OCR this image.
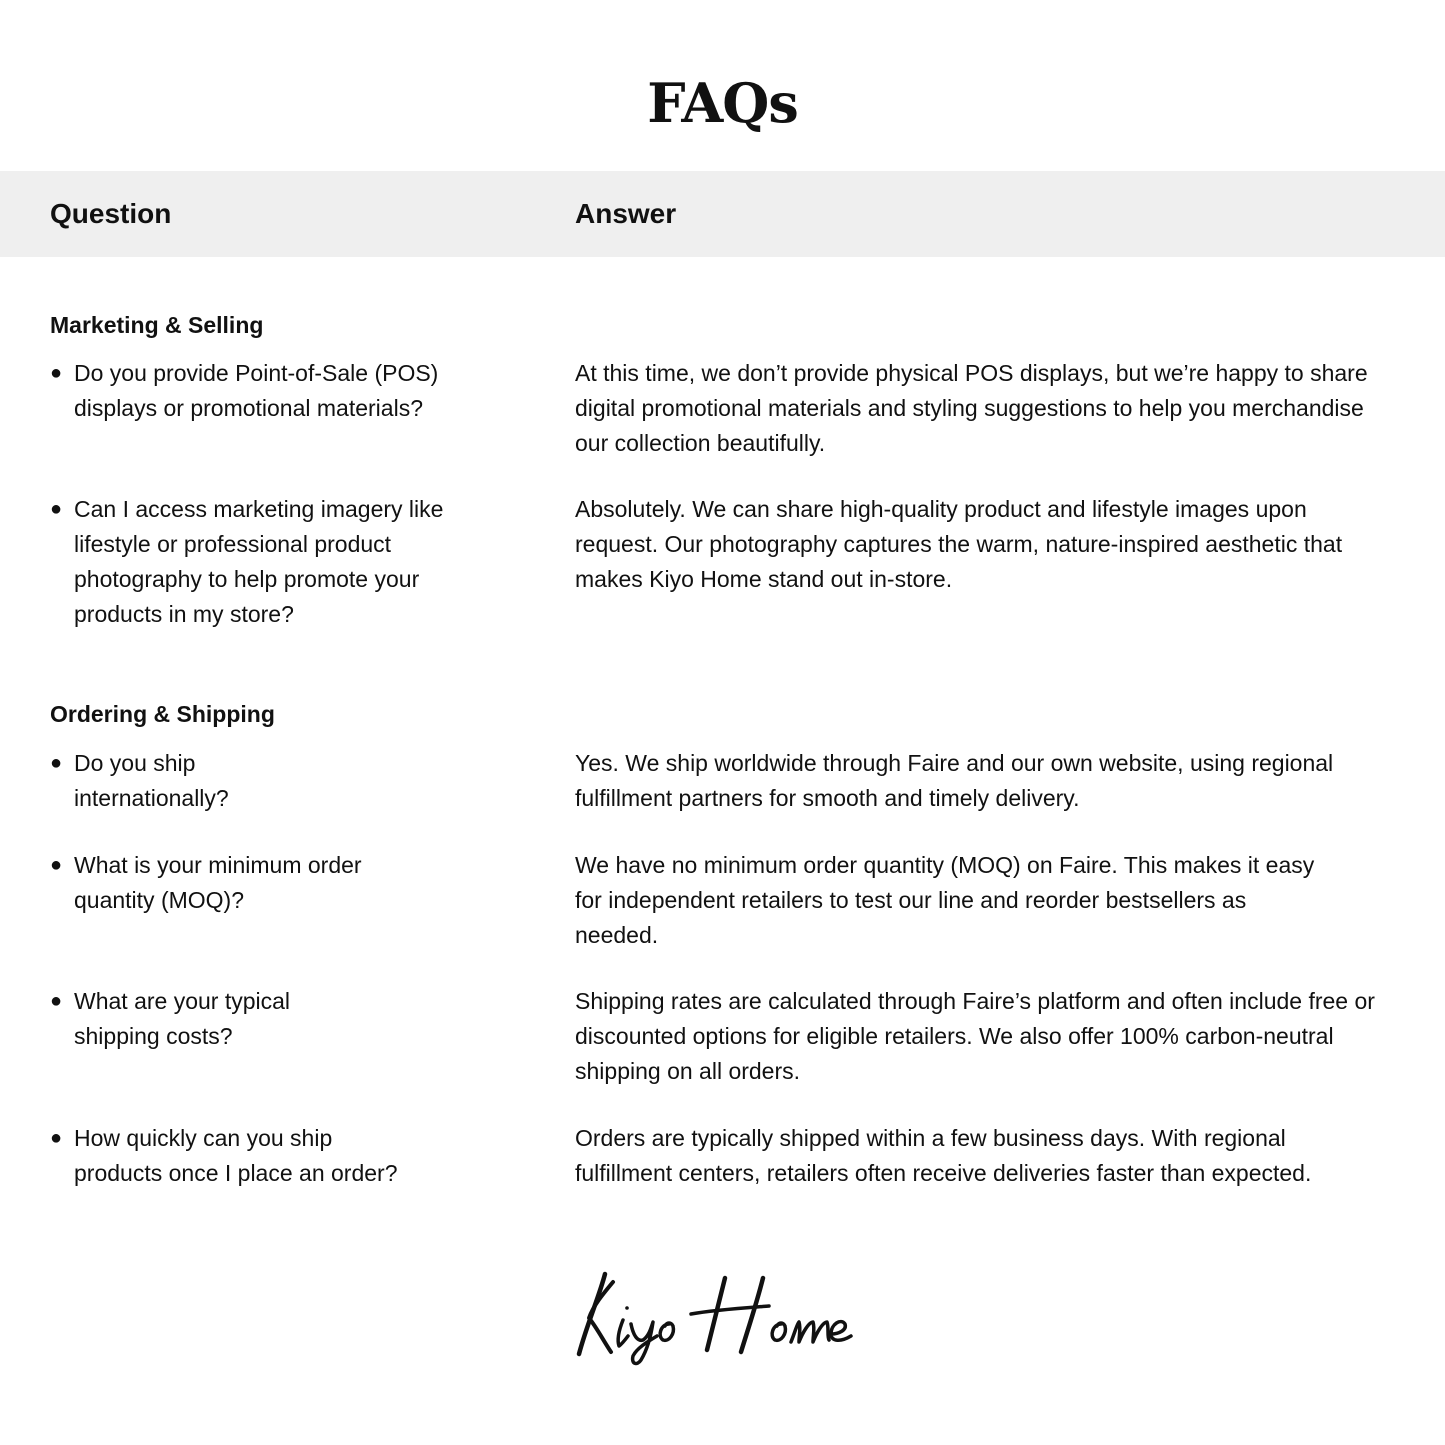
FAQs
Question	Answer
Marketing & Selling
● Do you provide Point-of-Sale (POS) displays or promotional materials?

At this time, we don’t provide physical POS displays, but we’re happy to share digital promotional materials and styling suggestions to help you merchandise our collection beautifully.

● Can I access marketing imagery like lifestyle or professional product photography to help promote your products in my store?

Absolutely. We can share high-quality product and lifestyle images upon request. Our photography captures the warm, nature-inspired aesthetic that makes Kiyo Home stand out in-store.

Ordering & Shipping
● Do you ship internationally?

Yes. We ship worldwide through Faire and our own website, using regional fulfillment partners for smooth and timely delivery.

● What is your minimum order quantity (MOQ)?

We have no minimum order quantity (MOQ) on Faire. This makes it easy for independent retailers to test our line and reorder bestsellers as needed.

● What are your typical shipping costs?

Shipping rates are calculated through Faire’s platform and often include free or discounted options for eligible retailers. We also offer 100% carbon-neutral shipping on all orders.

● How quickly can you ship products once I place an order?

Orders are typically shipped within a few business days. With regional fulfillment centers, retailers often receive deliveries faster than expected.
